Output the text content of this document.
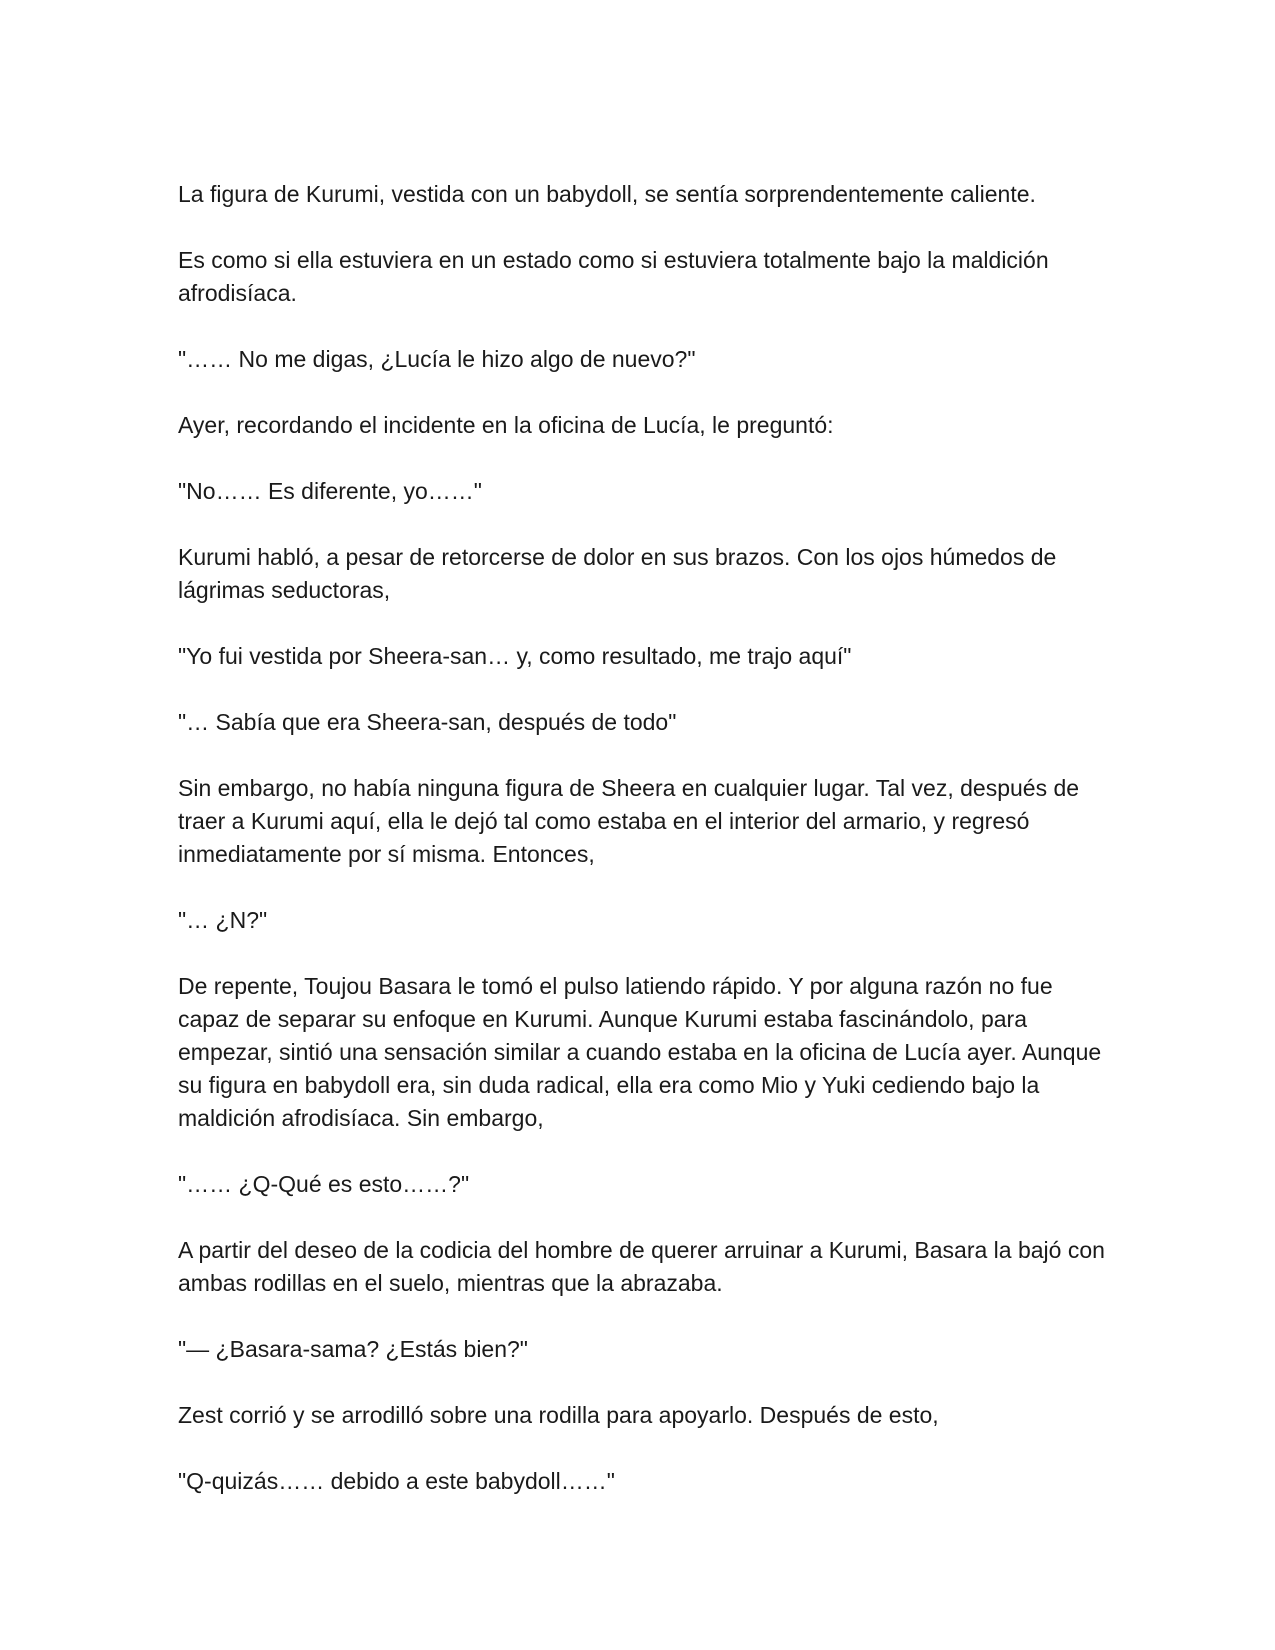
La figura de Kurumi, vestida con un babydoll, se sentía sorprendentemente caliente.

Es como si ella estuviera en un estado como si estuviera totalmente bajo la maldición afrodisíaca.

"…… No me digas, ¿Lucía le hizo algo de nuevo?"

Ayer, recordando el incidente en la oficina de Lucía, le preguntó:

"No…… Es diferente, yo……"

Kurumi habló, a pesar de retorcerse de dolor en sus brazos. Con los ojos húmedos de lágrimas seductoras,

"Yo fui vestida por Sheera-san… y, como resultado, me trajo aquí"

"… Sabía que era Sheera-san, después de todo"

Sin embargo, no había ninguna figura de Sheera en cualquier lugar. Tal vez, después de traer a Kurumi aquí, ella le dejó tal como estaba en el interior del armario, y regresó inmediatamente por sí misma. Entonces,

"… ¿N?"

De repente, Toujou Basara le tomó el pulso latiendo rápido. Y por alguna razón no fue capaz de separar su enfoque en Kurumi. Aunque Kurumi estaba fascinándolo, para empezar, sintió una sensación similar a cuando estaba en la oficina de Lucía ayer. Aunque su figura en babydoll era, sin duda radical, ella era como Mio y Yuki cediendo bajo la maldición afrodisíaca. Sin embargo,

"…… ¿Q-Qué es esto……?"

A partir del deseo de la codicia del hombre de querer arruinar a Kurumi, Basara la bajó con ambas rodillas en el suelo, mientras que la abrazaba.

"― ¿Basara-sama? ¿Estás bien?"

Zest corrió y se arrodilló sobre una rodilla para apoyarlo. Después de esto,

"Q-quizás…… debido a este babydoll……"
